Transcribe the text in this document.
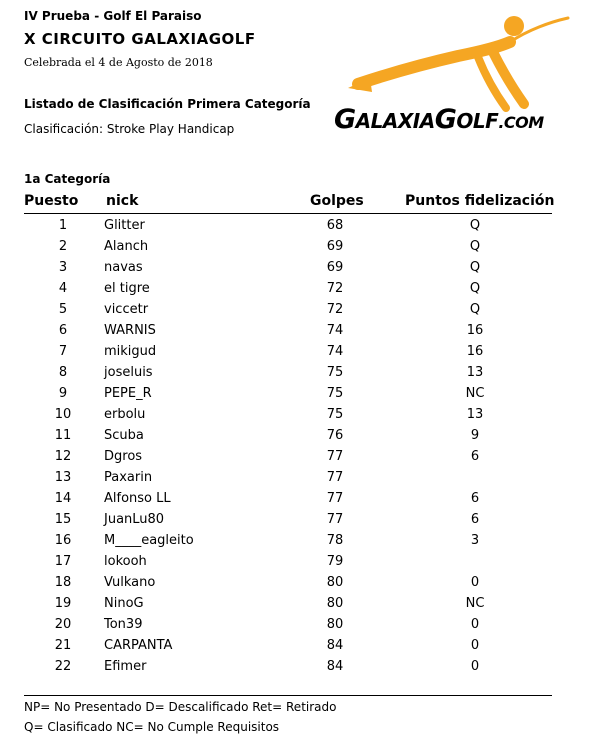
IV Prueba - Golf El Paraiso
X CIRCUITO GALAXIAGOLF
Celebrada el 4 de Agosto de 2018
Listado de Clasificación Primera Categoría
Clasificación: Stroke Play Handicap	GALAXIAGOLF.COM
1a Categoría
Puesto nick	Golpes	Puntos fidelización
1	Glitter	68	Q
2	Alanch	69	Q
3	navas	69	Q
4	el tigre	72	Q
5	viccetr	72	Q
6	WARNIS	74	16
7	mikigud	74	16
8	joseluis	75	13
9	PEPE_R	75	NC
10	erbolu	75	13
11	Scuba	76	9
12	Dgros	77	6
13	Paxarin	77
14	Alfonso LL	77	6
15	JuanLu80	77	6
16	M____eagleito	78	3
17	lokooh	79
18	Vulkano	80	0
19	NinoG	80	NC
20	Ton39	80	0
21	CARPANTA	84	0
22	Efimer	84	0
NP= No Presentado D= Descalificado Ret= Retirado
Q= Clasificado NC= No Cumple Requisitos
